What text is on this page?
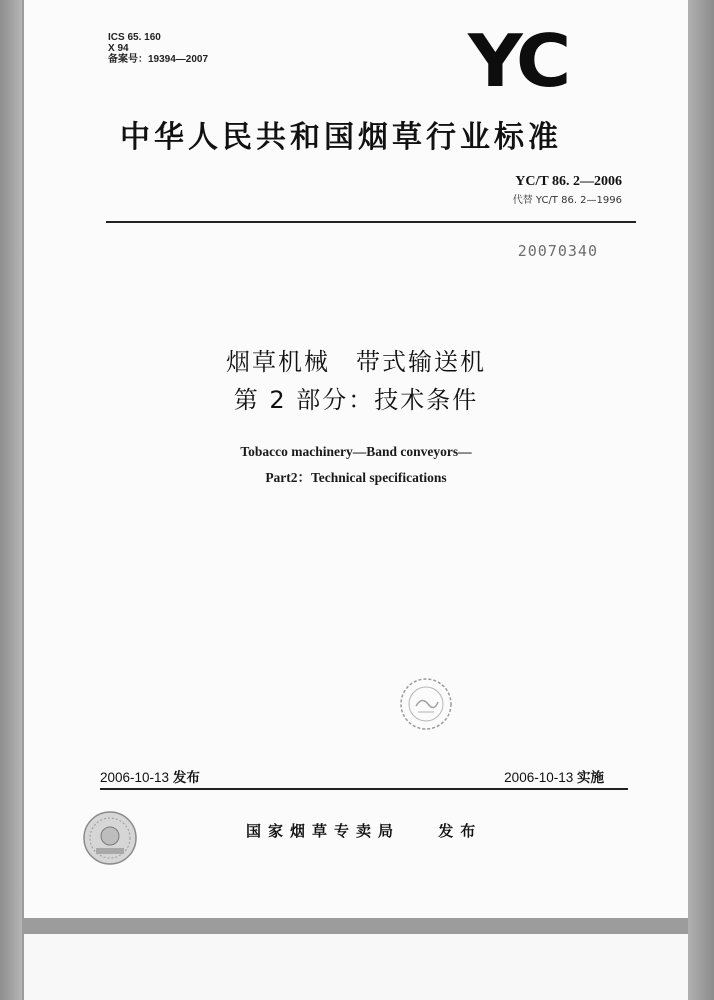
ICS 65. 160
X 94
备案号：19394—2007	YC
中华人民共和国烟草行业标准
YC/T 86. 2—2006
代替 YC/T 86. 2—1996
20070340
烟草机械　带式输送机
第 2 部分：技术条件
Tobacco machinery—Band conveyors—
Part2：Technical specifications
2006-10-13 发布	2006-10-13 实施
国家烟草专卖局	发布
